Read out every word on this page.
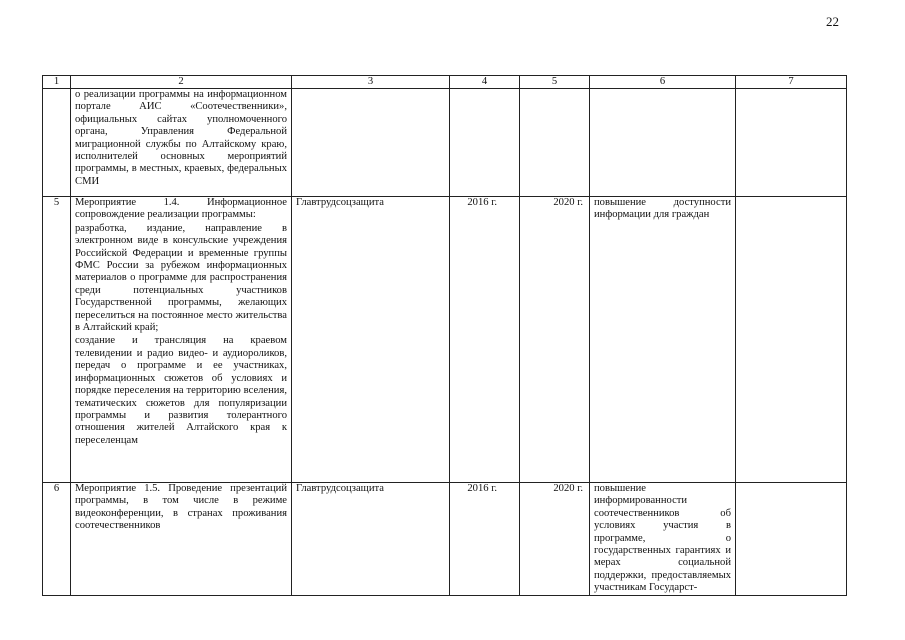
22
1	2	3	4	5	6	7

	о реализации программы на информационном портале АИС «Соотечественники», официальных сайтах уполномоченного органа, Управления Федеральной миграционной службы по Алтайскому краю, исполнителей основных мероприятий программы, в местных, краевых, федеральных СМИ					

5	Мероприятие 1.4. Информационное сопровождение реализации программы:
разработка, издание, направление в электронном виде в консульские учреждения Российской Федерации и временные группы ФМС России за рубежом информационных материалов о программе для распространения среди потенциальных участников Государственной программы, желающих переселиться на постоянное место жительства в Алтайский край;
создание и трансляция на краевом телевидении и радио видео- и аудиороликов, передач о программе и ее участниках, информационных сюжетов об условиях и порядке переселения на территорию вселения, тематических сюжетов для популяризации программы и развития толерантного отношения жителей Алтайского края к переселенцам	Главтрудсоцзащита	2016 г.	2020 г.	повышение доступности информации для граждан	

6	Мероприятие 1.5. Проведение презентаций программы, в том числе в режиме видеоконференции, в странах проживания соотечественников	Главтрудсоцзащита	2016 г.	2020 г.	повышение информированности соотечественников об условиях участия в программе, о государственных гарантиях и мерах социальной поддержки, предоставляемых участникам Государст-	
